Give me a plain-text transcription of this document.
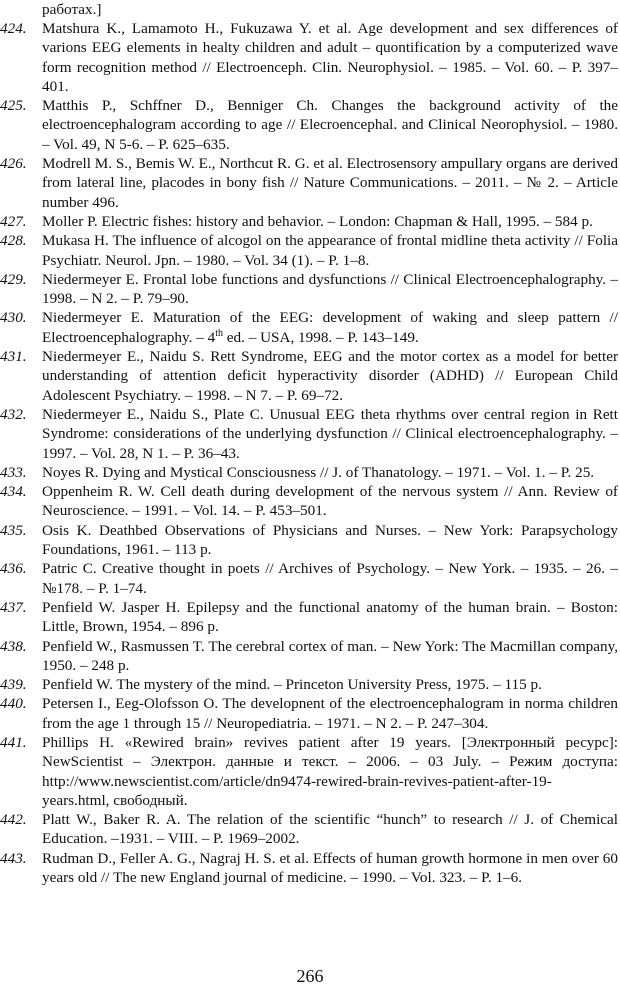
работах.]
424.	Matshura K., Lamamoto H., Fukuzawa Y. et al. Age development and sex differences of varions EEG elements in healty children and adult – quontification by a computerized wave form recognition method // Electroenceph. Clin. Neurophysiol. – 1985. – Vol. 60. – P. 397–401.
425.	Matthis P., Schffner D., Benniger Ch. Changes the background activity of the electroencephalogram according to age // Elecroencephal. and Clinical Neorophysiol. – 1980. – Vol. 49, N 5-6. – P. 625–635.
426.	Modrell M. S., Bemis W. E., Northcut R. G. et al. Electrosensory ampullary organs are derived from lateral line, placodes in bony fish // Nature Communications. – 2011. – № 2. – Article number 496.
427.	Moller P. Electric fishes: history and behavior. – London: Chapman & Hall, 1995. – 584 p.
428.	Mukasa H. The influence of alcogol on the appearance of frontal midline theta activity // Folia Psychiatr. Neurol. Jpn. – 1980. – Vol. 34 (1). – P. 1–8.
429.	Niedermeyer E. Frontal lobe functions and dysfunctions // Clinical Electroencephalography. – 1998. – N 2. – P. 79–90.
430.	Niedermeyer E. Maturation of the EEG: development of waking and sleep pattern // Electroencephalography. – 4th ed. – USA, 1998. – P. 143–149.
431.	Niedermeyer E., Naidu S. Rett Syndrome, EEG and the motor cortex as a model for better understanding of attention deficit hyperactivity disorder (ADHD) // European Child Adolescent Psychiatry. – 1998. – N 7. – P. 69–72.
432.	Niedermeyer E., Naidu S., Plate C. Unusual EEG theta rhythms over central region in Rett Syndrome: considerations of the underlying dysfunction // Clinical electroencephalography. – 1997. – Vol. 28, N 1. – P. 36–43.
433.	Noyes R. Dying and Mystical Consciousness // J. of Thanatology. – 1971. – Vol. 1. – P. 25.
434.	Oppenheim R. W. Cell death during development of the nervous system // Ann. Review of Neuroscience. – 1991. – Vol. 14. – P. 453–501.
435.	Osis K. Deathbed Observations of Physicians and Nurses. – New York: Parapsychology Foundations, 1961. – 113 p.
436.	Patric C. Creative thought in poets // Archives of Psychology. – New York. – 1935. – 26. – №178. – P. 1–74.
437.	Penfield W. Jasper H. Epilepsy and the functional anatomy of the human brain. – Boston: Little, Brown, 1954. – 896 p.
438.	Penfield W., Rasmussen T. The cerebral cortex of man. – New York: The Macmillan company, 1950. – 248 p.
439.	Penfield W. The mystery of the mind. – Princeton University Press, 1975. – 115 p.
440.	Petersen I., Eeg-Olofsson O. The developnent of the electroencephalogram in norma children from the age 1 through 15 // Neuropediatria. – 1971. – N 2. – P. 247–304.
441.	Phillips H. «Rewired brain» revives patient after 19 years. [Электронный ресурс]: NewScientist – Электрон. данные и текст. – 2006. – 03 July. – Режим доступа: http://www.newscientist.com/article/dn9474-rewired-brain-revives-patient-after-19-years.html, свободный.
442.	Platt W., Baker R. A. The relation of the scientific “hunch” to research // J. of Chemical Education. –1931. – VIII. – P. 1969–2002.
443.	Rudman D., Feller A. G., Nagraj H. S. et al. Effects of human growth hormone in men over 60 years old // The new England journal of medicine. – 1990. – Vol. 323. – P. 1–6.
266
